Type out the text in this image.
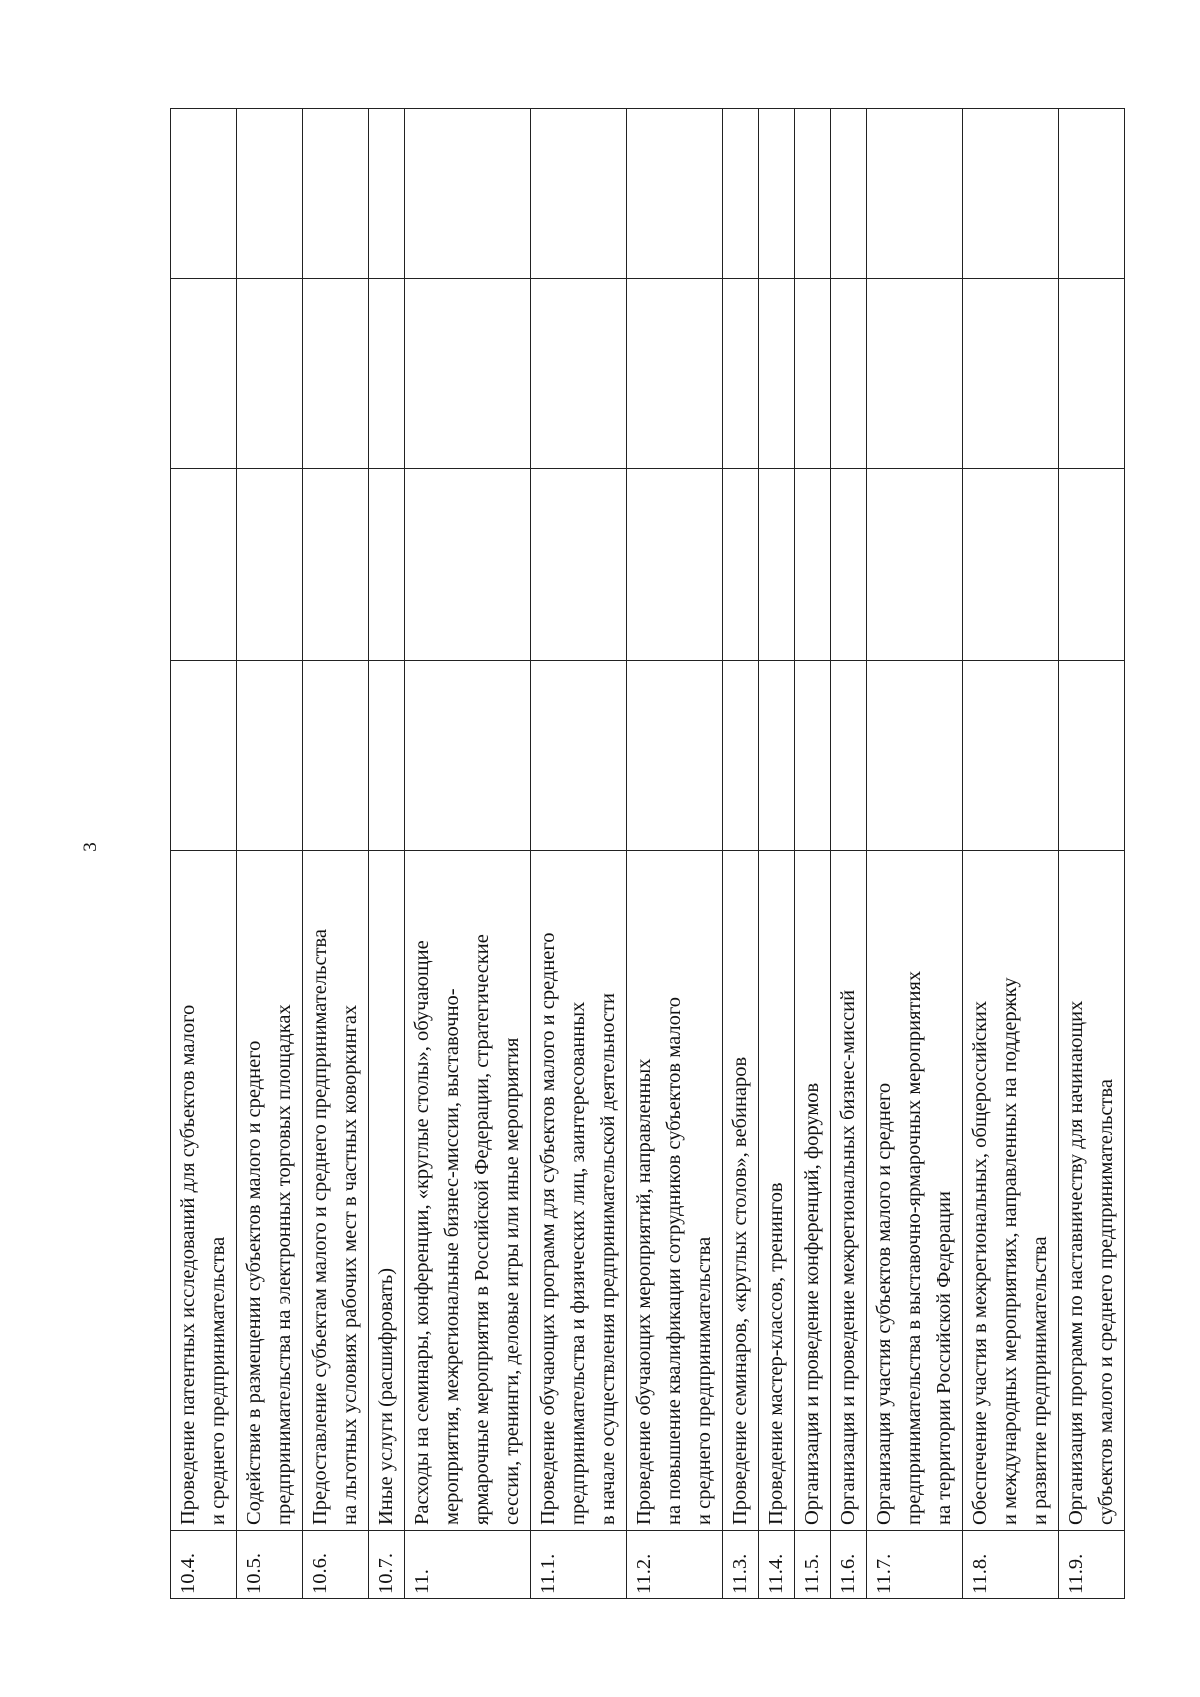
3
10.4.	Проведение патентных исследований для субъектов малого и среднего предпринимательства				

10.5.	Содействие в размещении субъектов малого и среднего предпринимательства на электронных торговых площадках				

10.6.	Предоставление субъектам малого и среднего предпринимательства на льготных условиях рабочих мест в частных коворкингах				

10.7.	Иные услуги (расшифровать)				

11.	Расходы на семинары, конференции, «круглые столы», обучающие мероприятия, межрегиональные бизнес-миссии, выставочно- ярмарочные мероприятия в Российской Федерации, стратегические сессии, тренинги, деловые игры или иные мероприятия				

11.1.	Проведение обучающих программ для субъектов малого и среднего предпринимательства и физических лиц, заинтересованных в начале осуществления предпринимательской деятельности				

11.2.	Проведение обучающих мероприятий, направленных на повышение квалификации сотрудников субъектов малого и среднего предпринимательства				

11.3.	Проведение семинаров, «круглых столов», вебинаров				

11.4.	Проведение мастер-классов, тренингов				

11.5.	Организация и проведение конференций, форумов				

11.6.	Организация и проведение межрегиональных бизнес-миссий				

11.7.	Организация участия субъектов малого и среднего предпринимательства в выставочно-ярмарочных мероприятиях на территории Российской Федерации				

11.8.	Обеспечение участия в межрегиональных, общероссийских и международных мероприятиях, направленных на поддержку и развитие предпринимательства				

11.9.	Организация программ по наставничеству для начинающих субъектов малого и среднего предпринимательства				
